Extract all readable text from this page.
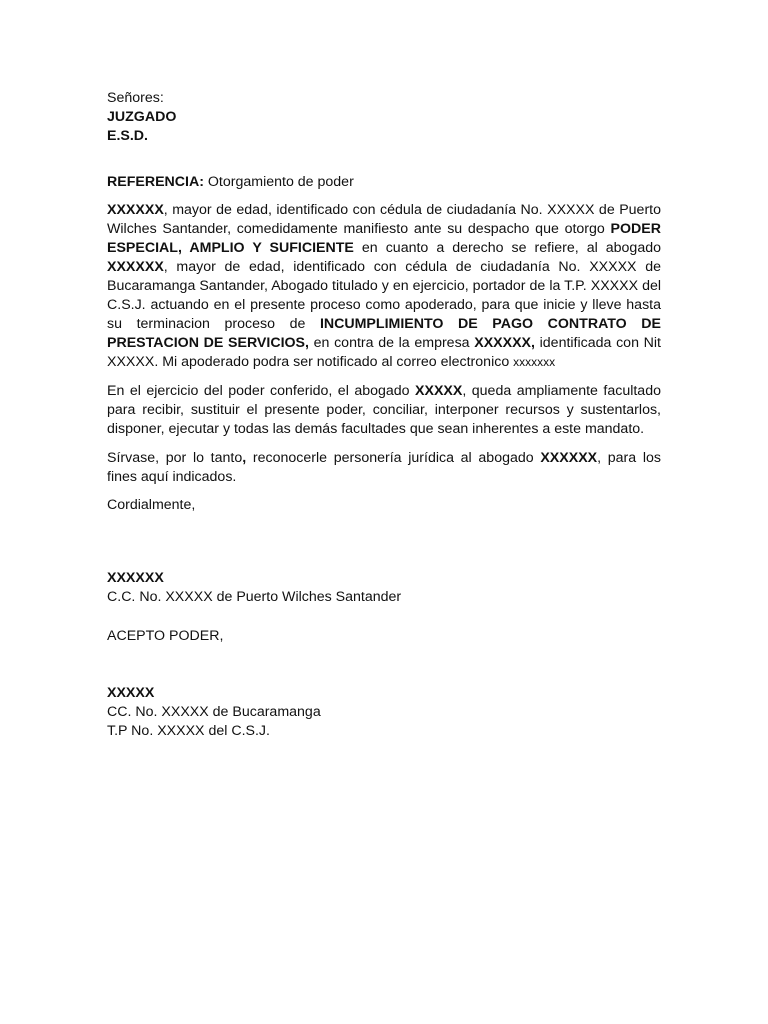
Señores:
JUZGADO
E.S.D.

REFERENCIA: Otorgamiento de poder

XXXXXX, mayor de edad, identificado con cédula de ciudadanía No. XXXXX de Puerto Wilches Santander, comedidamente manifiesto ante su despacho que otorgo PODER ESPECIAL, AMPLIO Y SUFICIENTE en cuanto a derecho se refiere, al abogado XXXXXX, mayor de edad, identificado con cédula de ciudadanía No. XXXXX de Bucaramanga Santander, Abogado titulado y en ejercicio, portador de la T.P. XXXXX del C.S.J. actuando en el presente proceso como apoderado, para que inicie y lleve hasta su terminacion proceso de INCUMPLIMIENTO DE PAGO CONTRATO DE PRESTACION DE SERVICIOS, en contra de la empresa XXXXXX, identificada con Nit XXXXX. Mi apoderado podra ser notificado al correo electronico xxxxxxx

En el ejercicio del poder conferido, el abogado XXXXX, queda ampliamente facultado para recibir, sustituir el presente poder, conciliar, interponer recursos y sustentarlos, disponer, ejecutar y todas las demás facultades que sean inherentes a este mandato.

Sírvase, por lo tanto, reconocerle personería jurídica al abogado XXXXXX, para los fines aquí indicados.

Cordialmente,

XXXXXX
C.C. No. XXXXX de Puerto Wilches Santander

ACEPTO PODER,

XXXXX
CC. No. XXXXX de Bucaramanga
T.P No. XXXXX del C.S.J.
